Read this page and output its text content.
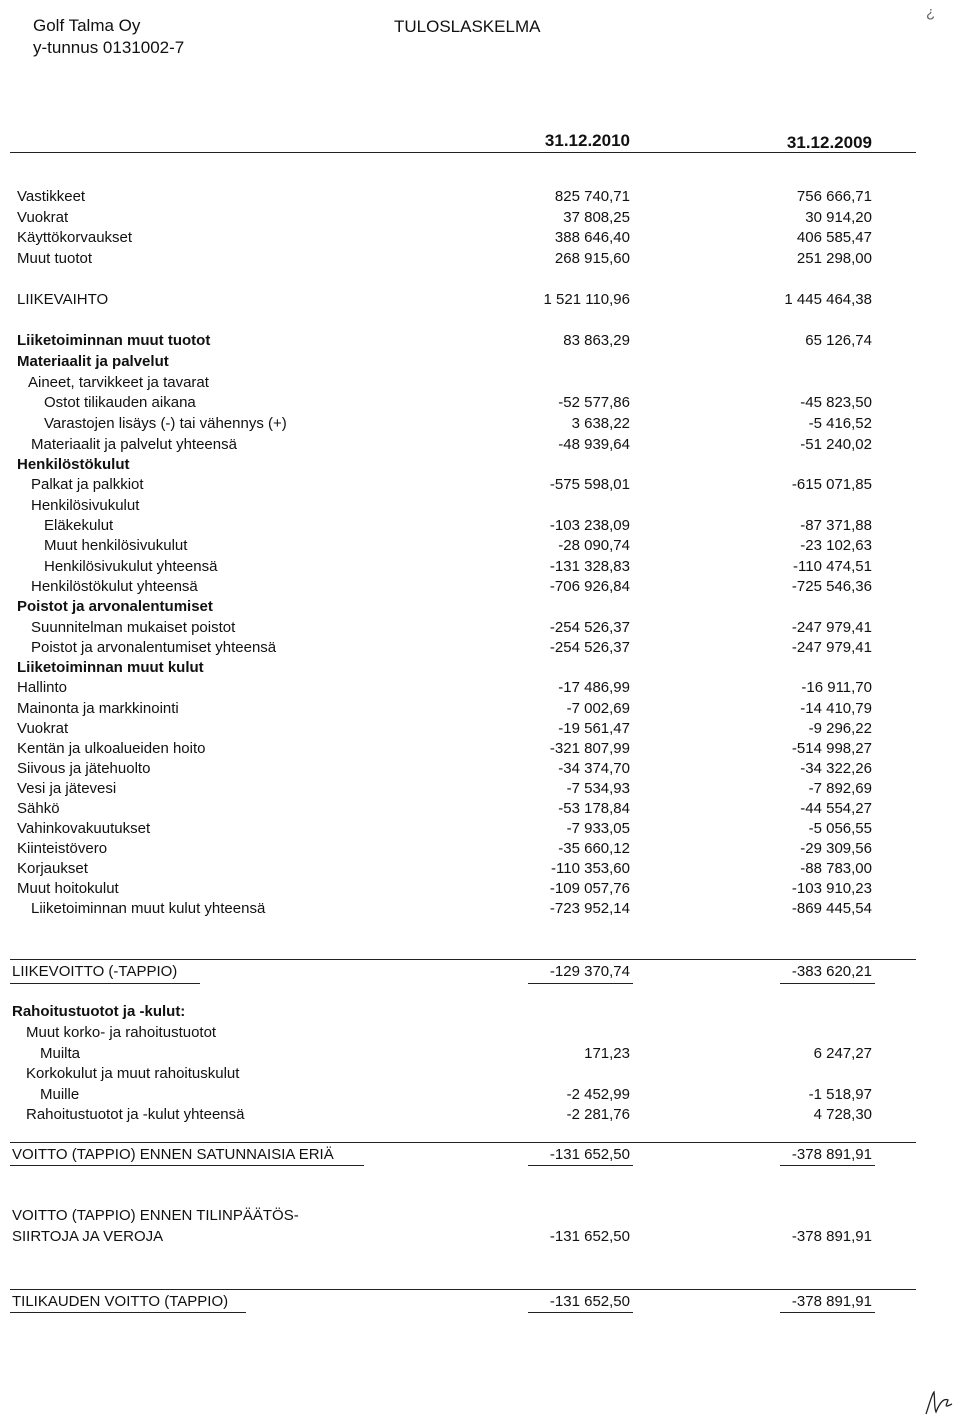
Golf Talma Oy
y-tunnus 0131002-7
TULOSLASKELMA
¿
31.12.2010	31.12.2009
Vastikkeet	825 740,71	756 666,71
Vuokrat	37 808,25	30 914,20
Käyttökorvaukset	388 646,40	406 585,47
Muut tuotot	268 915,60	251 298,00
LIIKEVAIHTO	1 521 110,96	1 445 464,38
Liiketoiminnan muut tuotot	83 863,29	65 126,74
Materiaalit ja palvelut
Aineet, tarvikkeet ja tavarat
Ostot tilikauden aikana	-52 577,86	-45 823,50
Varastojen lisäys (-) tai vähennys (+)	3 638,22	-5 416,52
Materiaalit ja palvelut yhteensä	-48 939,64	-51 240,02
Henkilöstökulut
Palkat ja palkkiot	-575 598,01	-615 071,85
Henkilösivukulut
Eläkekulut	-103 238,09	-87 371,88
Muut henkilösivukulut	-28 090,74	-23 102,63
Henkilösivukulut yhteensä	-131 328,83	-110 474,51
Henkilöstökulut yhteensä	-706 926,84	-725 546,36
Poistot ja arvonalentumiset
Suunnitelman mukaiset poistot	-254 526,37	-247 979,41
Poistot ja arvonalentumiset yhteensä	-254 526,37	-247 979,41
Liiketoiminnan muut kulut
Hallinto	-17 486,99	-16 911,70
Mainonta ja markkinointi	-7 002,69	-14 410,79
Vuokrat	-19 561,47	-9 296,22
Kentän ja ulkoalueiden hoito	-321 807,99	-514 998,27
Siivous ja jätehuolto	-34 374,70	-34 322,26
Vesi ja jätevesi	-7 534,93	-7 892,69
Sähkö	-53 178,84	-44 554,27
Vahinkovakuutukset	-7 933,05	-5 056,55
Kiinteistövero	-35 660,12	-29 309,56
Korjaukset	-110 353,60	-88 783,00
Muut hoitokulut	-109 057,76	-103 910,23
Liiketoiminnan muut kulut yhteensä	-723 952,14	-869 445,54
LIIKEVOITTO (-TAPPIO)	-129 370,74	-383 620,21
Rahoitustuotot ja -kulut:
Muut korko- ja rahoitustuotot
Muilta	171,23	6 247,27
Korkokulut ja muut rahoituskulut
Muille	-2 452,99	-1 518,97
Rahoitustuotot ja -kulut yhteensä	-2 281,76	4 728,30
VOITTO (TAPPIO) ENNEN SATUNNAISIA ERIÄ	-131 652,50	-378 891,91
VOITTO (TAPPIO) ENNEN TILINPÄÄTÖS-
SIIRTOJA JA VEROJA	-131 652,50	-378 891,91
TILIKAUDEN VOITTO (TAPPIO)	-131 652,50	-378 891,91
